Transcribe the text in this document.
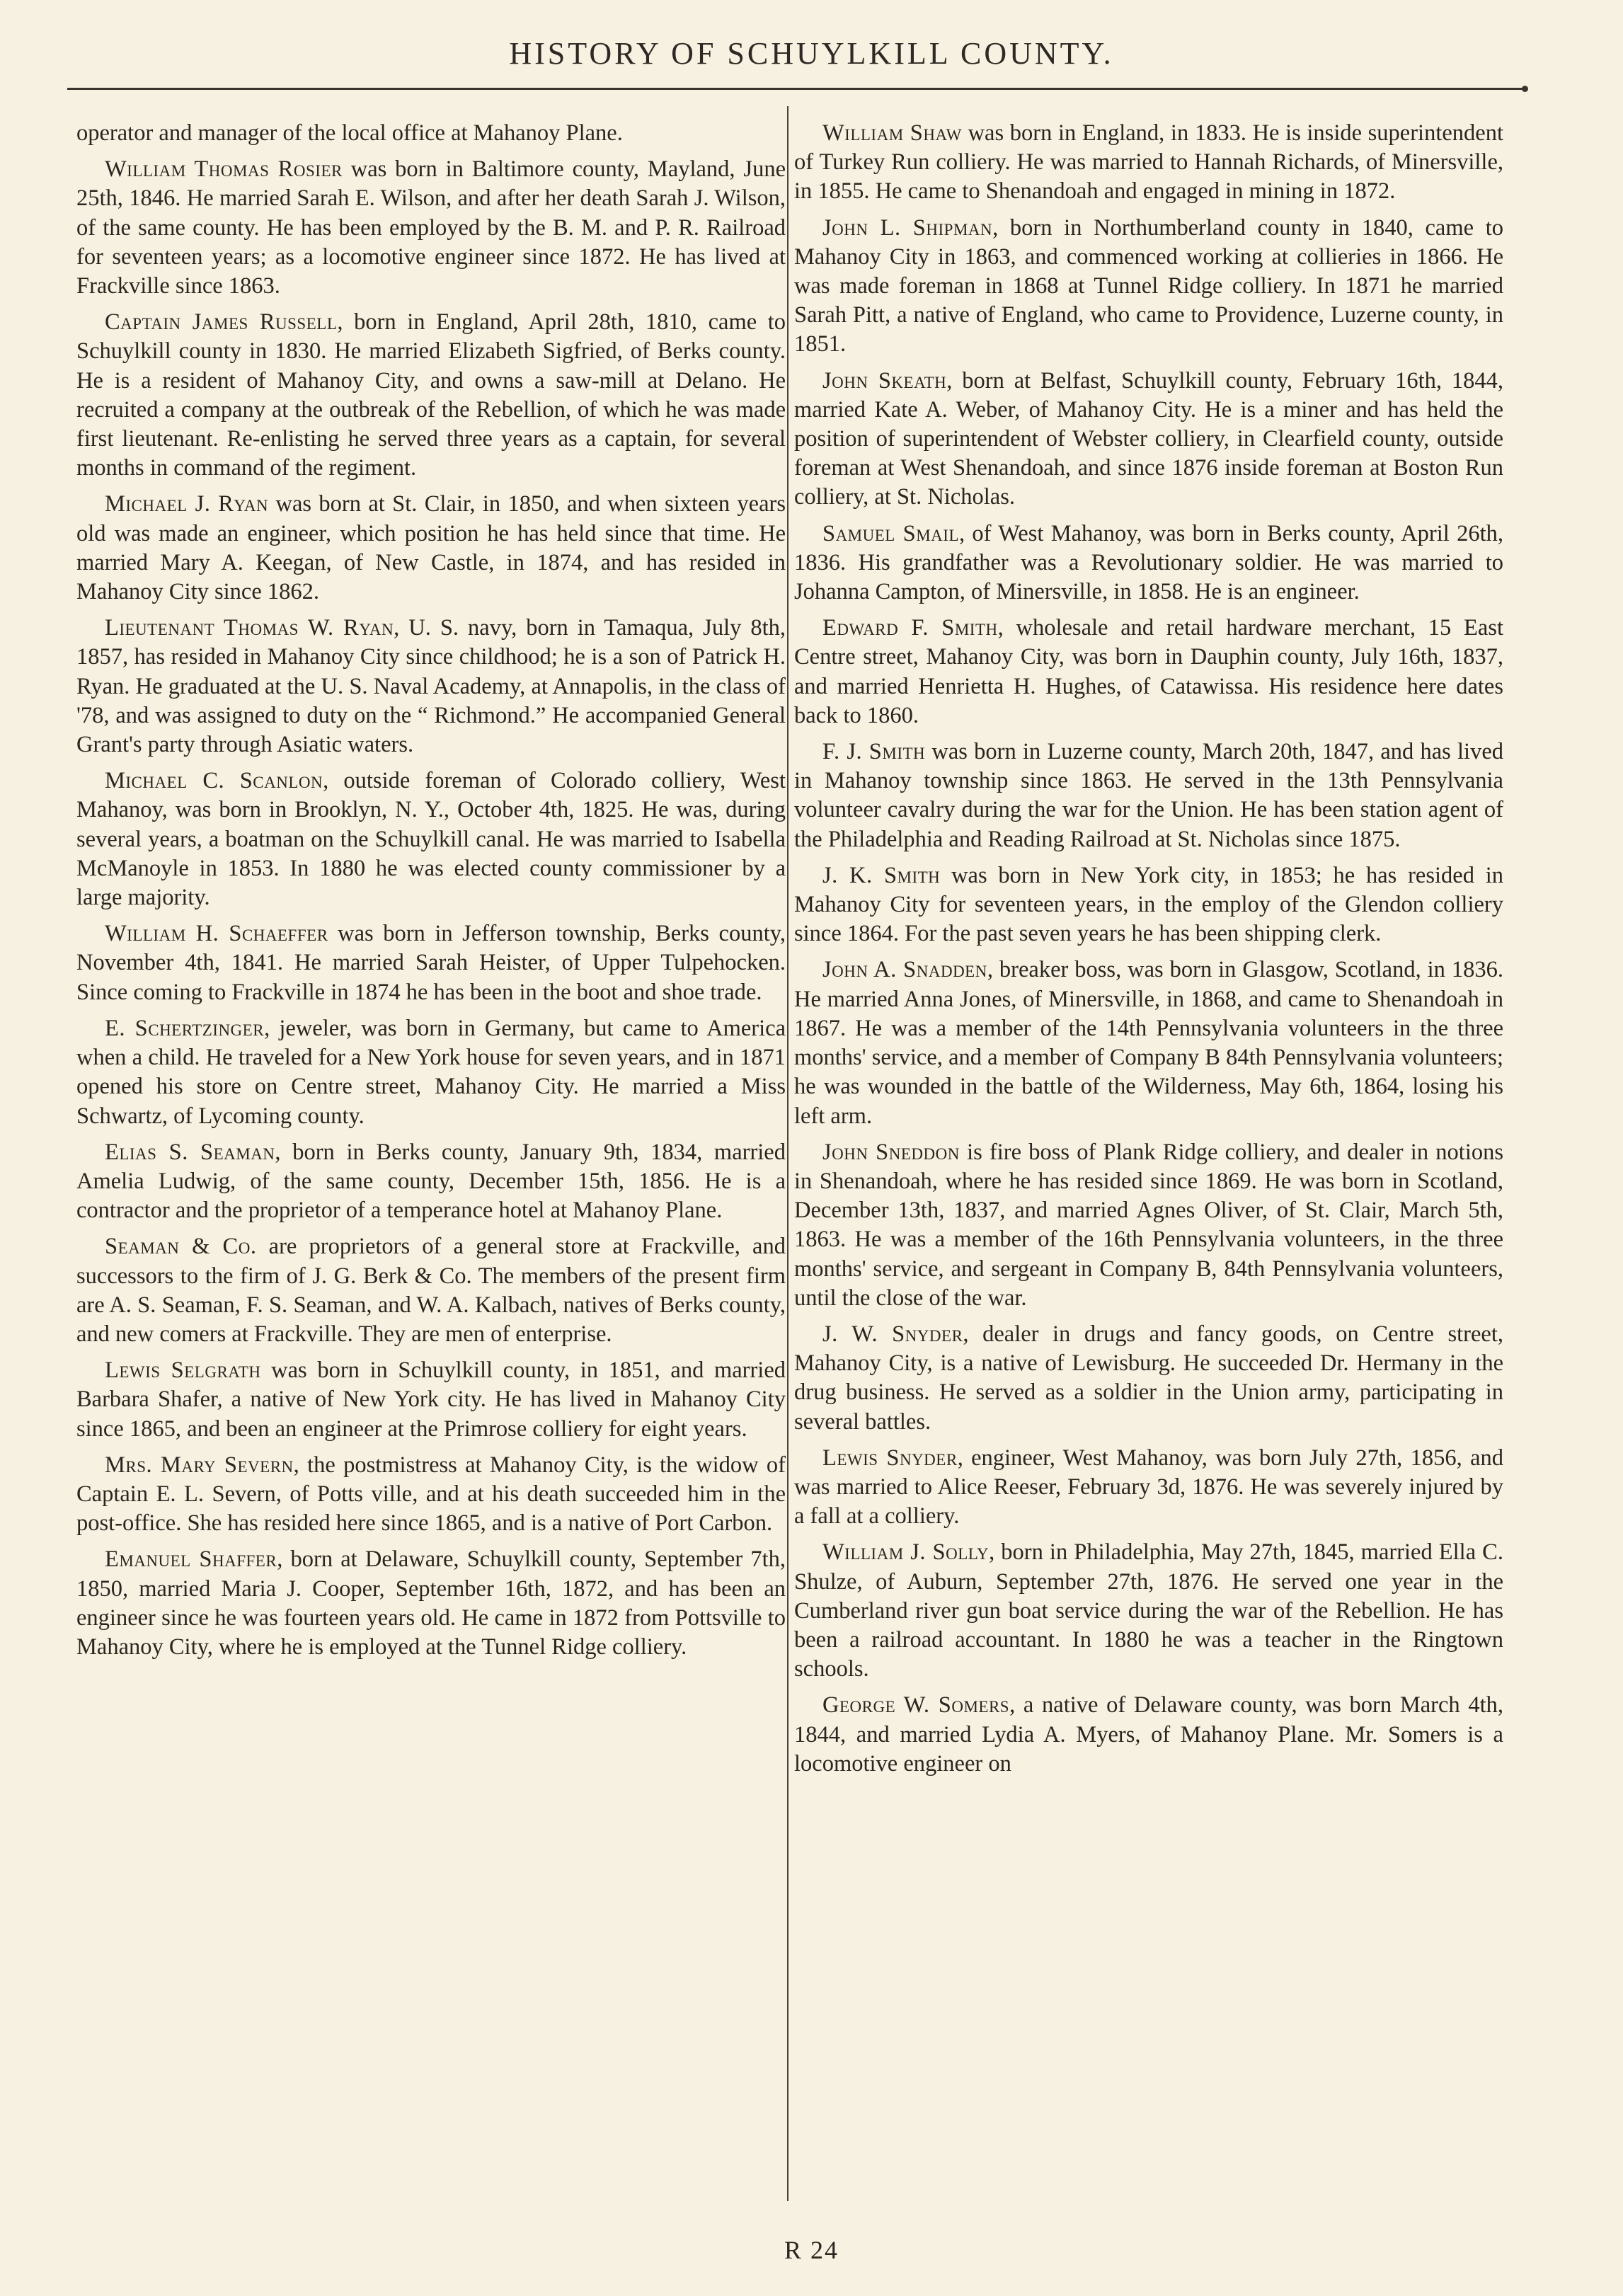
HISTORY OF SCHUYLKILL COUNTY.

operator and manager of the local office at Mahanoy Plane.

William Thomas Rosier was born in Baltimore county, Mayland, June 25th, 1846. He married Sarah E. Wilson, and after her death Sarah J. Wilson, of the same county. He has been employed by the B. M. and P. R. Railroad for seventeen years; as a locomotive engineer since 1872. He has lived at Frackville since 1863.

Captain James Russell, born in England, April 28th, 1810, came to Schuylkill county in 1830. He married Elizabeth Sigfried, of Berks county. He is a resident of Mahanoy City, and owns a saw-mill at Delano. He recruited a company at the outbreak of the Rebellion, of which he was made first lieutenant. Re-enlisting he served three years as a captain, for several months in command of the regiment.

Michael J. Ryan was born at St. Clair, in 1850, and when sixteen years old was made an engineer, which position he has held since that time. He married Mary A. Keegan, of New Castle, in 1874, and has resided in Mahanoy City since 1862.

Lieutenant Thomas W. Ryan, U. S. navy, born in Tamaqua, July 8th, 1857, has resided in Mahanoy City since childhood; he is a son of Patrick H. Ryan. He graduated at the U. S. Naval Academy, at Annapolis, in the class of '78, and was assigned to duty on the “ Richmond.” He accompanied General Grant's party through Asiatic waters.

Michael C. Scanlon, outside foreman of Colorado colliery, West Mahanoy, was born in Brooklyn, N. Y., October 4th, 1825. He was, during several years, a boatman on the Schuylkill canal. He was married to Isabella McManoyle in 1853. In 1880 he was elected county commissioner by a large majority.

William H. Schaeffer was born in Jefferson township, Berks county, November 4th, 1841. He married Sarah Heister, of Upper Tulpehocken. Since coming to Frackville in 1874 he has been in the boot and shoe trade.

E. Schertzinger, jeweler, was born in Germany, but came to America when a child. He traveled for a New York house for seven years, and in 1871 opened his store on Centre street, Mahanoy City. He married a Miss Schwartz, of Lycoming county.

Elias S. Seaman, born in Berks county, January 9th, 1834, married Amelia Ludwig, of the same county, December 15th, 1856. He is a contractor and the proprietor of a temperance hotel at Mahanoy Plane.

Seaman & Co. are proprietors of a general store at Frackville, and successors to the firm of J. G. Berk & Co. The members of the present firm are A. S. Seaman, F. S. Seaman, and W. A. Kalbach, natives of Berks county, and new comers at Frackville. They are men of enterprise.

Lewis Selgrath was born in Schuylkill county, in 1851, and married Barbara Shafer, a native of New York city. He has lived in Mahanoy City since 1865, and been an engineer at the Primrose colliery for eight years.

Mrs. Mary Severn, the postmistress at Mahanoy City, is the widow of Captain E. L. Severn, of Potts ville, and at his death succeeded him in the post-office. She has resided here since 1865, and is a native of Port Carbon.

Emanuel Shaffer, born at Delaware, Schuylkill county, September 7th, 1850, married Maria J. Cooper, September 16th, 1872, and has been an engineer since he was fourteen years old. He came in 1872 from Pottsville to Mahanoy City, where he is employed at the Tunnel Ridge colliery.

William Shaw was born in England, in 1833. He is inside superintendent of Turkey Run colliery. He was married to Hannah Richards, of Minersville, in 1855. He came to Shenandoah and engaged in mining in 1872.

John L. Shipman, born in Northumberland county in 1840, came to Mahanoy City in 1863, and commenced working at collieries in 1866. He was made foreman in 1868 at Tunnel Ridge colliery. In 1871 he married Sarah Pitt, a native of England, who came to Providence, Luzerne county, in 1851.

John Skeath, born at Belfast, Schuylkill county, February 16th, 1844, married Kate A. Weber, of Mahanoy City. He is a miner and has held the position of superintendent of Webster colliery, in Clearfield county, outside foreman at West Shenandoah, and since 1876 inside foreman at Boston Run colliery, at St. Nicholas.

Samuel Smail, of West Mahanoy, was born in Berks county, April 26th, 1836. His grandfather was a Revolutionary soldier. He was married to Johanna Campton, of Minersville, in 1858. He is an engineer.

Edward F. Smith, wholesale and retail hardware merchant, 15 East Centre street, Mahanoy City, was born in Dauphin county, July 16th, 1837, and married Henrietta H. Hughes, of Catawissa. His residence here dates back to 1860.

F. J. Smith was born in Luzerne county, March 20th, 1847, and has lived in Mahanoy township since 1863. He served in the 13th Pennsylvania volunteer cavalry during the war for the Union. He has been station agent of the Philadelphia and Reading Railroad at St. Nicholas since 1875.

J. K. Smith was born in New York city, in 1853; he has resided in Mahanoy City for seventeen years, in the employ of the Glendon colliery since 1864. For the past seven years he has been shipping clerk.

John A. Snadden, breaker boss, was born in Glasgow, Scotland, in 1836. He married Anna Jones, of Minersville, in 1868, and came to Shenandoah in 1867. He was a member of the 14th Pennsylvania volunteers in the three months' service, and a member of Company B 84th Pennsylvania volunteers; he was wounded in the battle of the Wilderness, May 6th, 1864, losing his left arm.

John Sneddon is fire boss of Plank Ridge colliery, and dealer in notions in Shenandoah, where he has resided since 1869. He was born in Scotland, December 13th, 1837, and married Agnes Oliver, of St. Clair, March 5th, 1863. He was a member of the 16th Pennsylvania volunteers, in the three months' service, and sergeant in Company B, 84th Pennsylvania volunteers, until the close of the war.

J. W. Snyder, dealer in drugs and fancy goods, on Centre street, Mahanoy City, is a native of Lewisburg. He succeeded Dr. Hermany in the drug business. He served as a soldier in the Union army, participating in several battles.

Lewis Snyder, engineer, West Mahanoy, was born July 27th, 1856, and was married to Alice Reeser, February 3d, 1876. He was severely injured by a fall at a colliery.

William J. Solly, born in Philadelphia, May 27th, 1845, married Ella C. Shulze, of Auburn, September 27th, 1876. He served one year in the Cumberland river gun boat service during the war of the Rebellion. He has been a railroad accountant. In 1880 he was a teacher in the Ringtown schools.

George W. Somers, a native of Delaware county, was born March 4th, 1844, and married Lydia A. Myers, of Mahanoy Plane. Mr. Somers is a locomotive engineer on

R 24
